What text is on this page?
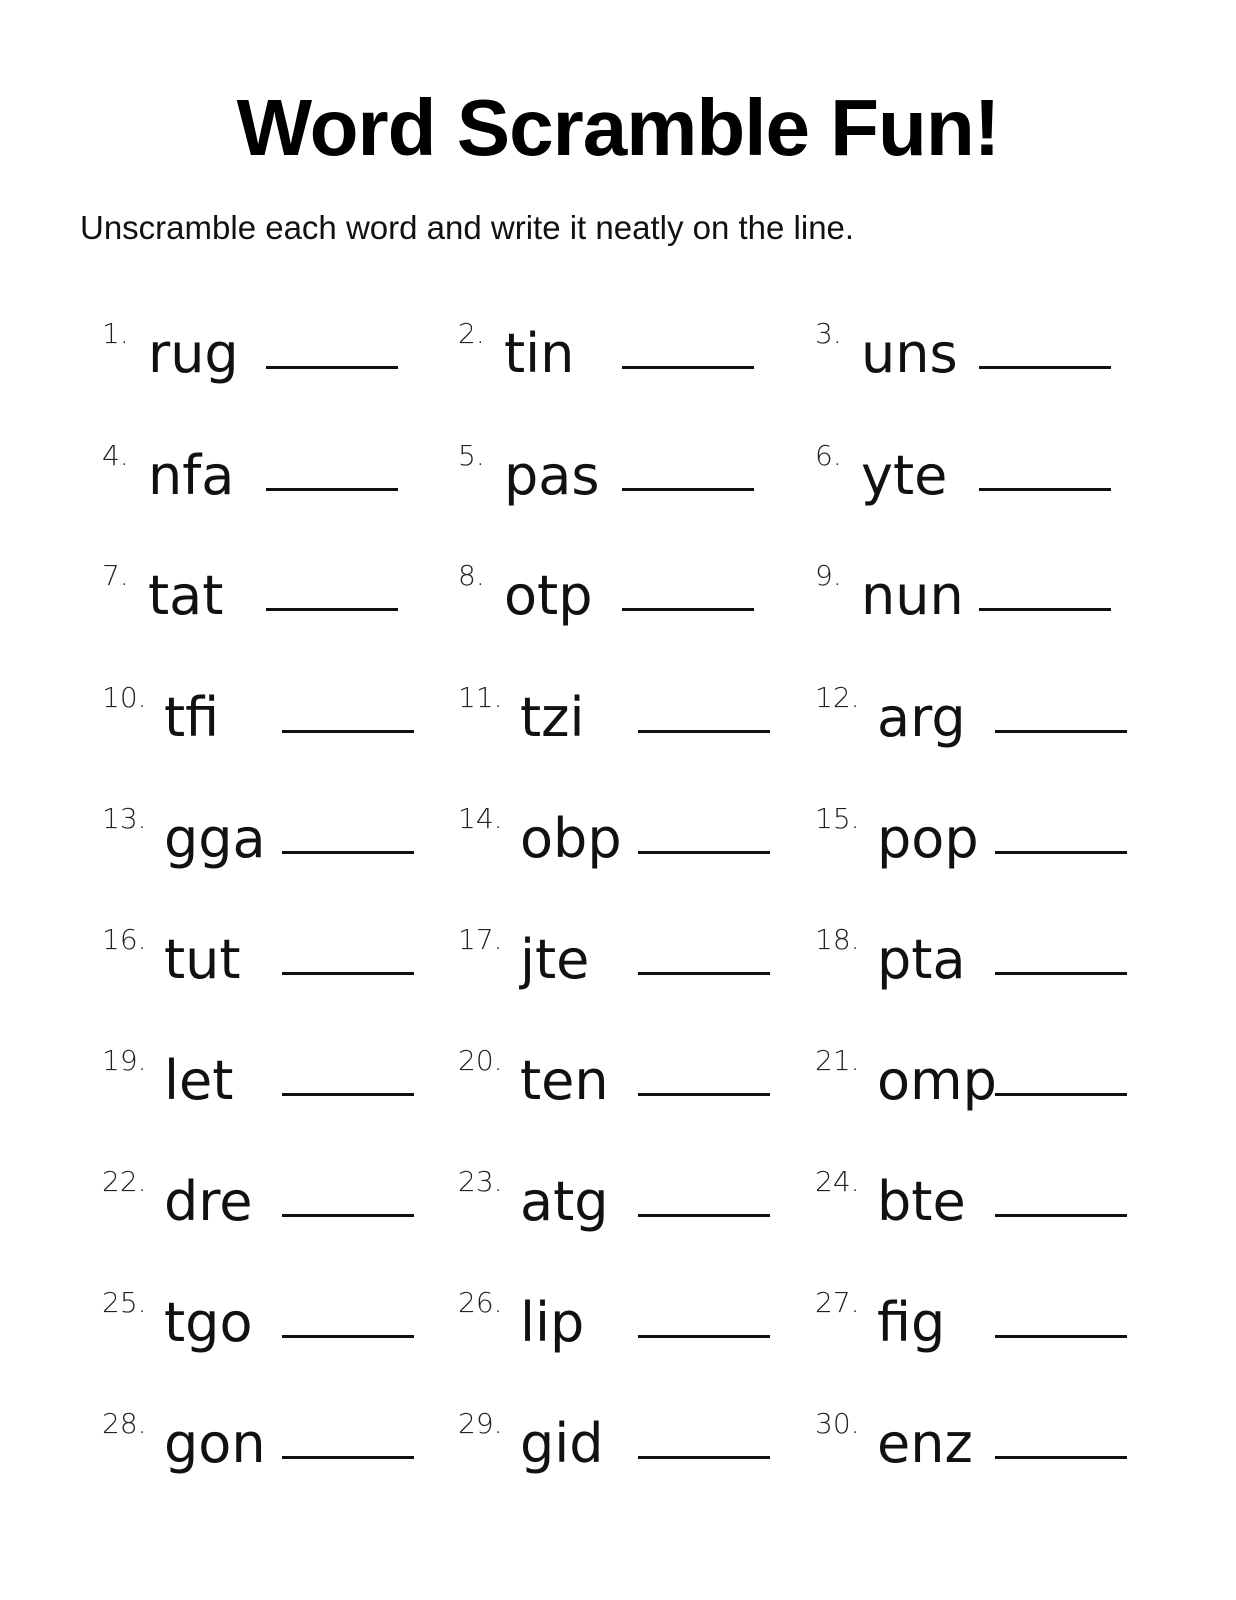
Word Scramble Fun!
Unscramble each word and write it neatly on the line.
1. rug	2. tin	3. uns
4. nfa	5. pas	6. yte
7. tat	8. otp	9. nun
10. tfi	11. tzi	12. arg
13. gga	14. obp	15. pop
16. tut	17. jte	18. pta
19. let	20. ten	21. omp
22. dre	23. atg	24. bte
25. tgo	26. lip	27. fig
28. gon	29. gid	30. enz
